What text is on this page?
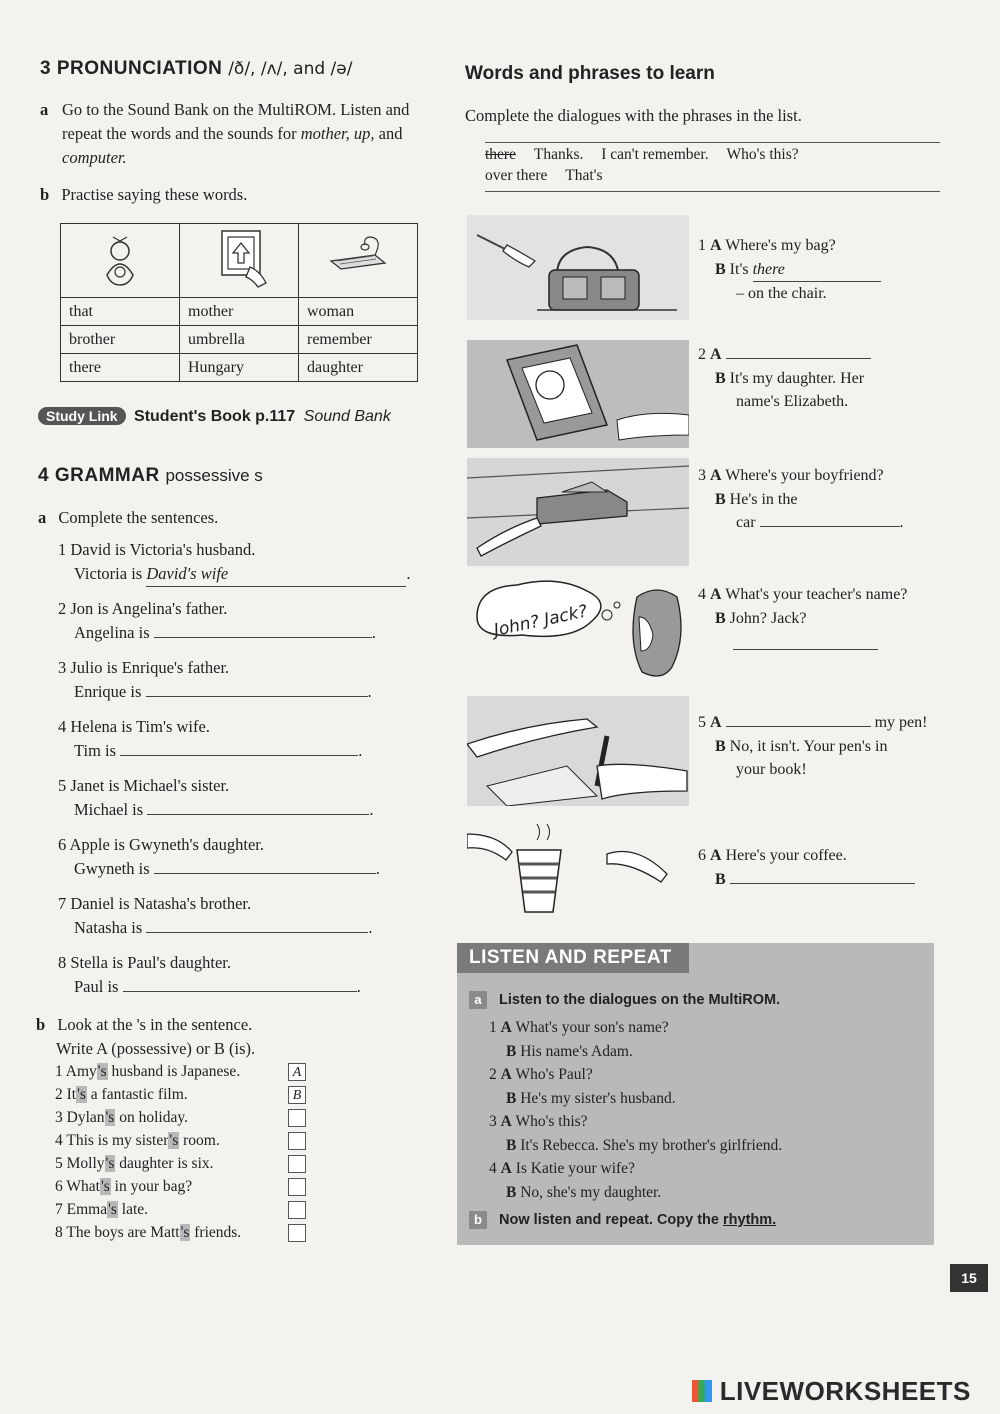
3 PRONUNCIATION /ð/, /ʌ/, and /ə/
a Go to the Sound Bank on the MultiROM. Listen and repeat the words and the sounds for mother, up, and computer.
b Practise saying these words.

that	mother	woman
brother	umbrella	remember
there	Hungary	daughter
Study Link Student's Book p.117 Sound Bank
4 GRAMMAR possessive s
a Complete the sentences.
1 David is Victoria's husband.
Victoria is David's wife	.
2 Jon is Angelina's father.
Angelina is	.
3 Julio is Enrique's father.
Enrique is	.
4 Helena is Tim's wife.
Tim is	.
5 Janet is Michael's sister.
Michael is	.
6 Apple is Gwyneth's daughter.
Gwyneth is	.
7 Daniel is Natasha's brother.
Natasha is	.
8 Stella is Paul's daughter.
Paul is	.
b Look at the 's in the sentence.
Write A (possessive) or B (is).
1 Amy's husband is Japanese.	A
2 It's a fantastic film.	B
3 Dylan's on holiday.
4 This is my sister's room.
5 Molly's daughter is six.
6 What's in your bag?
7 Emma's late.
8 The boys are Matt's friends.
Words and phrases to learn
Complete the dialogues with the phrases in the list.
there Thanks. I can't remember. Who's this?
over there That's
John? Jack?
1 A Where's my bag?
B It's there
– on the chair.
2 A
B It's my daughter. Her
name's Elizabeth.
3 A Where's your boyfriend?
B He's in the
car	.
4 A What's your teacher's name?
B John? Jack?
5 A	my pen!
B No, it isn't. Your pen's in
your book!
6 A Here's your coffee.
B
LISTEN AND REPEAT
a Listen to the dialogues on the MultiROM.
1 A What's your son's name?
B His name's Adam.
2 A Who's Paul?
B He's my sister's husband.
3 A Who's this?
B It's Rebecca. She's my brother's girlfriend.
4 A Is Katie your wife?
B No, she's my daughter.
b Now listen and repeat. Copy the rhythm.
15
LIVEWORKSHEETS
